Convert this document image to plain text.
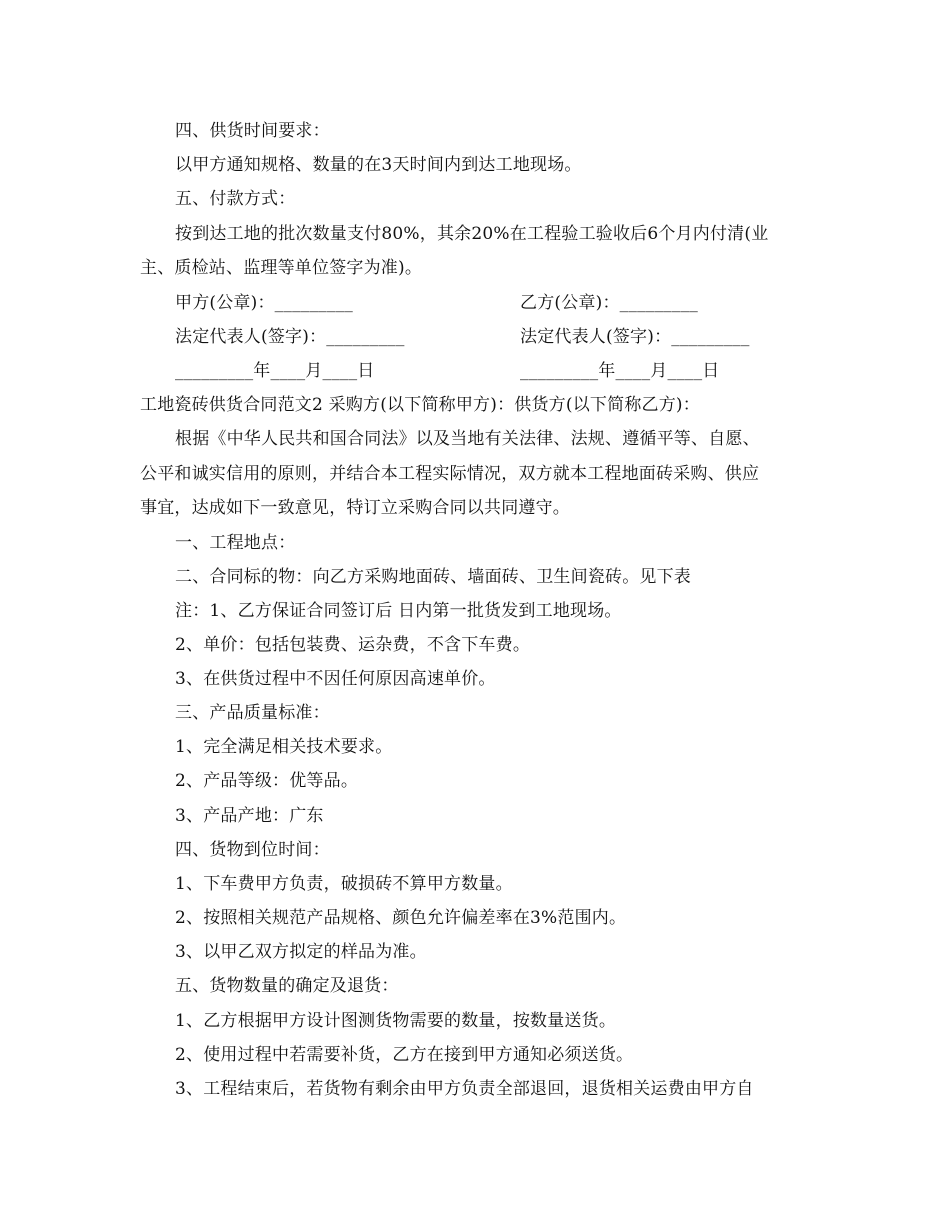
四、供货时间要求：
以甲方通知规格、数量的在3天时间内到达工地现场。
五、付款方式：
按到达工地的批次数量支付80%，其余20%在工程验工验收后6个月内付清(业
主、质检站、监理等单位签字为准)。
甲方(公章)：_________	乙方(公章)：_________
法定代表人(签字)：_________	法定代表人(签字)：_________
_________年____月____日	_________年____月____日
工地瓷砖供货合同范文2 采购方(以下简称甲方)：供货方(以下简称乙方)：
根据《中华人民共和国合同法》以及当地有关法律、法规、遵循平等、自愿、
公平和诚实信用的原则，并结合本工程实际情况，双方就本工程地面砖采购、供应
事宜，达成如下一致意见，特订立采购合同以共同遵守。
一、工程地点：
二、合同标的物：向乙方采购地面砖、墙面砖、卫生间瓷砖。见下表
注：1、乙方保证合同签订后 日内第一批货发到工地现场。
2、单价：包括包装费、运杂费，不含下车费。
3、在供货过程中不因任何原因高速单价。
三、产品质量标准：
1、完全满足相关技术要求。
2、产品等级：优等品。
3、产品产地：广东
四、货物到位时间：
1、下车费甲方负责，破损砖不算甲方数量。
2、按照相关规范产品规格、颜色允许偏差率在3%范围内。
3、以甲乙双方拟定的样品为准。
五、货物数量的确定及退货：
1、乙方根据甲方设计图测货物需要的数量，按数量送货。
2、使用过程中若需要补货，乙方在接到甲方通知必须送货。
3、工程结束后，若货物有剩余由甲方负责全部退回，退货相关运费由甲方自
